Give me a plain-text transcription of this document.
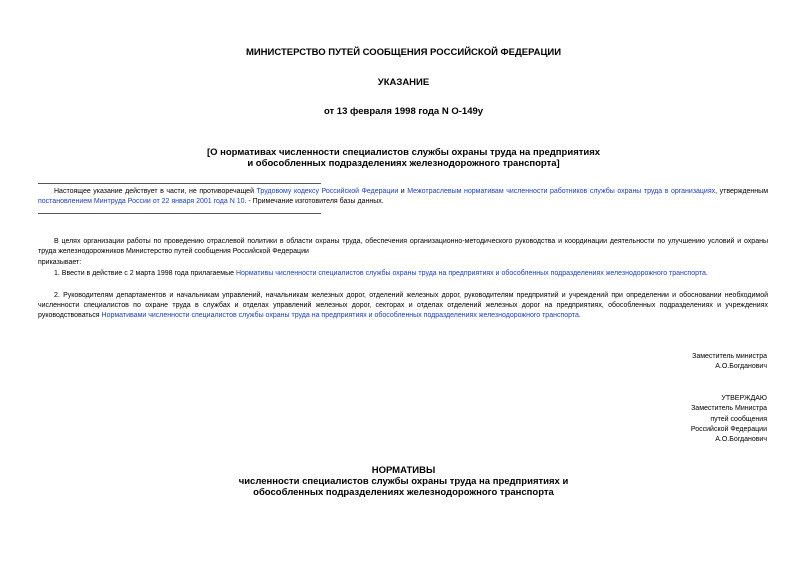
МИНИСТЕРСТВО ПУТЕЙ СООБЩЕНИЯ РОССИЙСКОЙ ФЕДЕРАЦИИ
УКАЗАНИЕ
от 13 февраля 1998 года N О-149у
[О нормативах численности специалистов службы охраны труда на предприятиях
и обособленных подразделениях железнодорожного транспорта]
Настоящее указание действует в части, не противоречащей Трудовому кодексу Российской Федерации и Межотраслевым нормативам численности работников службы охраны труда в организациях, утвержденным постановлением Минтруда России от 22 января 2001 года N 10. - Примечание изготовителя базы данных.
В целях организации работы по проведению отраслевой политики в области охраны труда, обеспечения организационно-методического руководства и координации деятельности по улучшению условий и охраны труда железнодорожников Министерство путей сообщения Российской Федерации
приказывает:
1. Ввести в действие с 2 марта 1998 года прилагаемые Нормативы численности специалистов службы охраны труда на предприятиях и обособленных подразделениях железнодорожного транспорта.
2. Руководителям департаментов и начальникам управлений, начальникам железных дорог, отделений железных дорог, руководителям предприятий и учреждений при определении и обосновании необходимой численности специалистов по охране труда в службах и отделах управлений железных дорог, секторах и отделах отделений железных дорог на предприятиях, обособленных подразделениях и учреждениях руководствоваться Нормативами численности специалистов службы охраны труда на предприятиях и обособленных подразделениях железнодорожного транспорта.
Заместитель министра
А.О.Богданович
УТВЕРЖДАЮ
Заместитель Министра
путей сообщения
Российской Федерации
А.О.Богданович
НОРМАТИВЫ
численности специалистов службы охраны труда на предприятиях и
обособленных подразделениях железнодорожного транспорта
